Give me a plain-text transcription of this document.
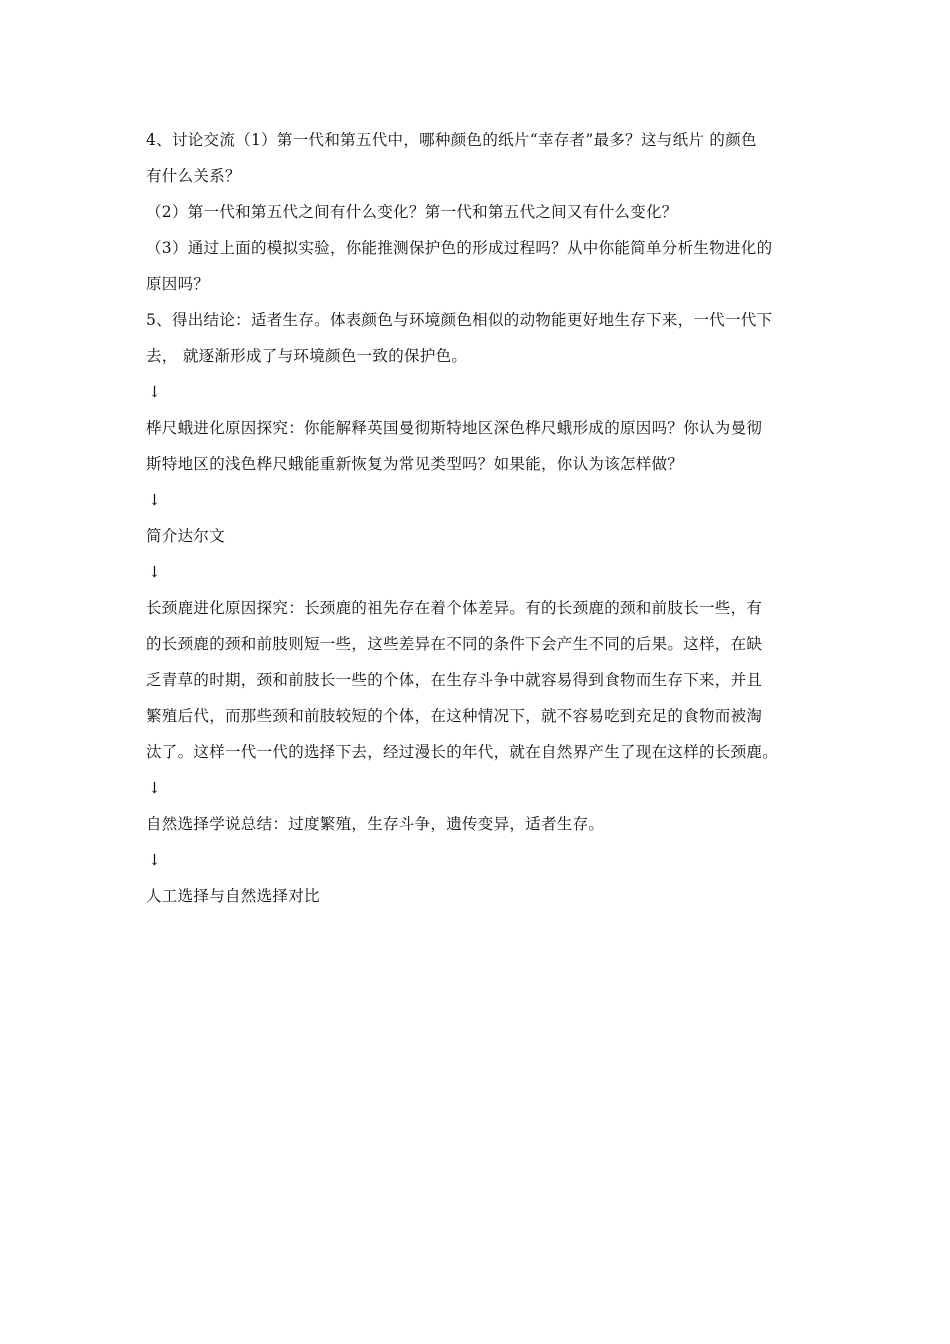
4、讨论交流（1）第一代和第五代中，哪种颜色的纸片“幸存者”最多？这与纸片 的颜色
有什么关系？
（2）第一代和第五代之间有什么变化？第一代和第五代之间又有什么变化？
（3）通过上面的模拟实验，你能推测保护色的形成过程吗？从中你能简单分析生物进化的
原因吗？
5、得出结论：适者生存。体表颜色与环境颜色相似的动物能更好地生存下来，一代一代下
去， 就逐渐形成了与环境颜色一致的保护色。
↓
桦尺蛾进化原因探究：你能解释英国曼彻斯特地区深色桦尺蛾形成的原因吗？你认为曼彻
斯特地区的浅色桦尺蛾能重新恢复为常见类型吗？如果能，你认为该怎样做？
↓
简介达尔文
↓
长颈鹿进化原因探究：长颈鹿的祖先存在着个体差异。有的长颈鹿的颈和前肢长一些，有
的长颈鹿的颈和前肢则短一些，这些差异在不同的条件下会产生不同的后果。这样，在缺
乏青草的时期，颈和前肢长一些的个体，在生存斗争中就容易得到食物而生存下来，并且
繁殖后代，而那些颈和前肢较短的个体，在这种情况下，就不容易吃到充足的食物而被淘
汰了。这样一代一代的选择下去，经过漫长的年代，就在自然界产生了现在这样的长颈鹿。
↓
自然选择学说总结：过度繁殖，生存斗争，遗传变异，适者生存。
↓
人工选择与自然选择对比
